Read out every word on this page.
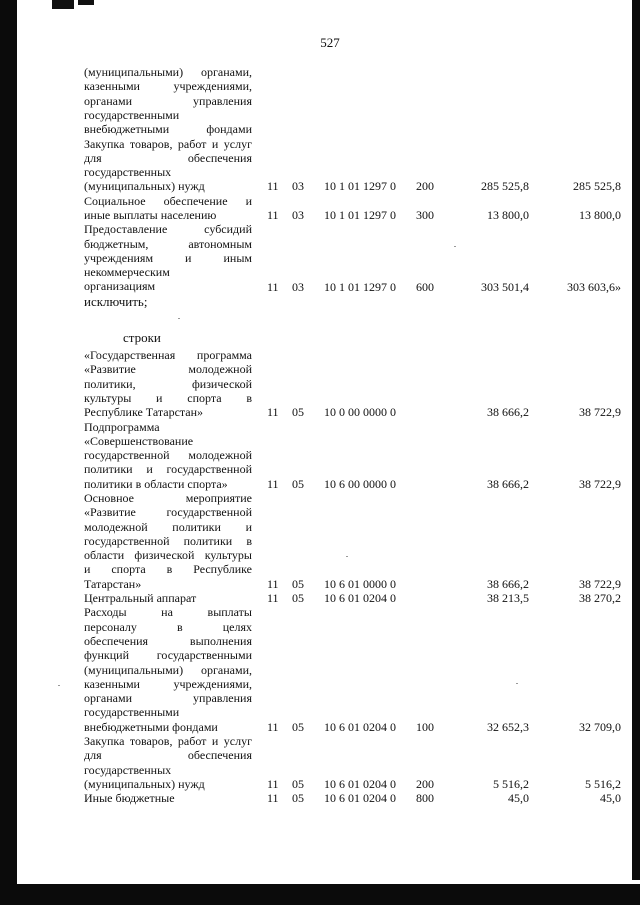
527
(муниципальными) органами,
казенными учреждениями,
органами управления
государственными
внебюджетными фондами
Закупка товаров, работ и услуг
для обеспечения
государственных
(муниципальных) нужд	11 03 10 1 01 1297 0 200	285 525,8	285 525,8
Социальное обеспечение и
иные выплаты населению	11 03 10 1 01 1297 0 300	13 800,0	13 800,0
Предоставление субсидий
бюджетным, автономным
учреждениям и иным
некоммерческим
организациям	11 03 10 1 01 1297 0 600	303 501,4	303 603,6»
«Государственная программа
«Развитие молодежной
политики, физической
культуры и спорта в
Республике Татарстан»	11 05 10 0 00 0000 0	38 666,2	38 722,9
Подпрограмма
«Совершенствование
государственной молодежной
политики и государственной
политики в области спорта»	11 05 10 6 00 0000 0	38 666,2	38 722,9
Основное мероприятие
«Развитие государственной
молодежной политики и
государственной политики в
области физической культуры
и спорта в Республике
Татарстан»	11 05 10 6 01 0000 0	38 666,2	38 722,9
Центральный аппарат	11 05 10 6 01 0204 0	38 213,5	38 270,2
Расходы на выплаты
персоналу в целях
обеспечения выполнения
функций государственными
(муниципальными) органами,
казенными учреждениями,
органами управления
государственными
внебюджетными фондами	11 05 10 6 01 0204 0 100	32 652,3	32 709,0
Закупка товаров, работ и услуг
для обеспечения
государственных
(муниципальных) нужд	11 05 10 6 01 0204 0 200	5 516,2	5 516,2
Иные бюджетные	11 05 10 6 01 0204 0 800	45,0	45,0
исключить;
строки
